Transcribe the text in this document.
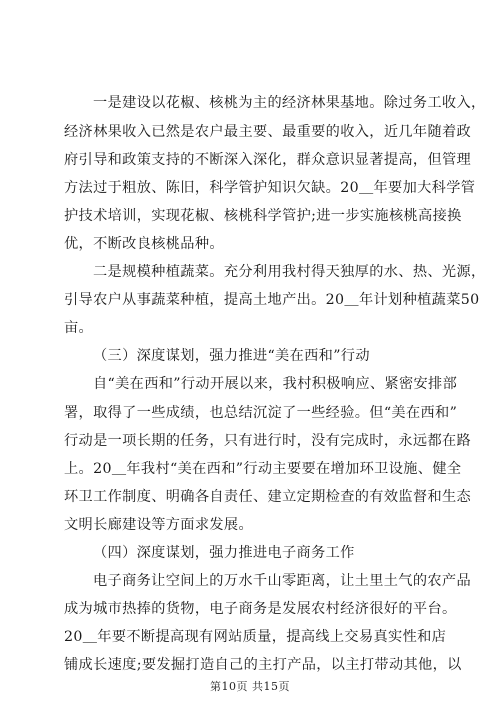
一是建设以花椒、核桃为主的经济林果基地。除过务工收入，
经济林果收入已然是农户最主要、最重要的收入，近几年随着政
府引导和政策支持的不断深入深化，群众意识显著提高，但管理
方法过于粗放、陈旧，科学管护知识欠缺。20＿年要加大科学管
护技术培训，实现花椒、核桃科学管护;进一步实施核桃高接换
优，不断改良核桃品种。
二是规模种植蔬菜。充分利用我村得天独厚的水、热、光源，
引导农户从事蔬菜种植，提高土地产出。20＿年计划种植蔬菜50
亩。
（三）深度谋划，强力推进“美在西和”行动
自“美在西和”行动开展以来，我村积极响应、紧密安排部
署，取得了一些成绩，也总结沉淀了一些经验。但“美在西和”
行动是一项长期的任务，只有进行时，没有完成时，永远都在路
上。20＿年我村“美在西和”行动主要要在增加环卫设施、健全
环卫工作制度、明确各自责任、建立定期检查的有效监督和生态
文明长廊建设等方面求发展。
（四）深度谋划，强力推进电子商务工作
电子商务让空间上的万水千山零距离，让土里土气的农产品
成为城市热捧的货物，电子商务是发展农村经济很好的平台。
20＿年要不断提高现有网站质量，提高线上交易真实性和店
铺成长速度;要发掘打造自己的主打产品，以主打带动其他，以
第10页 共15页
